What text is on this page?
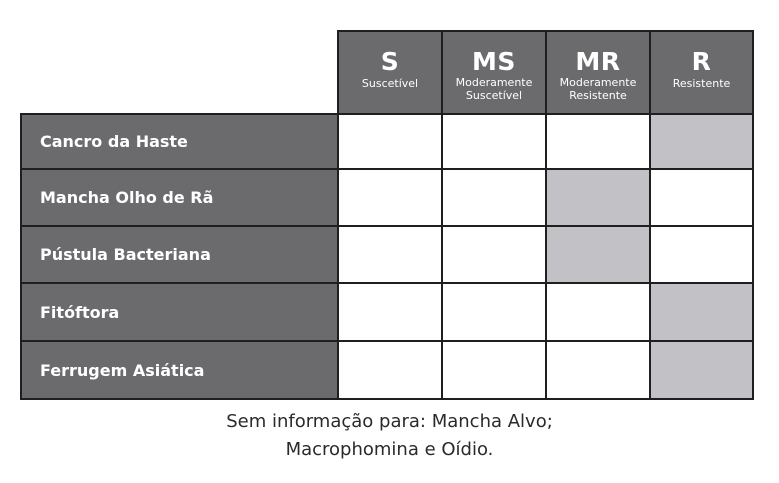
S
Suscetível
MS
Moderamente
Suscetível
MR
Moderamente
Resistente
R
Resistente
Cancro da Haste
Mancha Olho de Rã
Pústula Bacteriana
Fitóftora
Ferrugem Asiática
Sem informação para: Mancha Alvo;
Macrophomina e Oídio.
